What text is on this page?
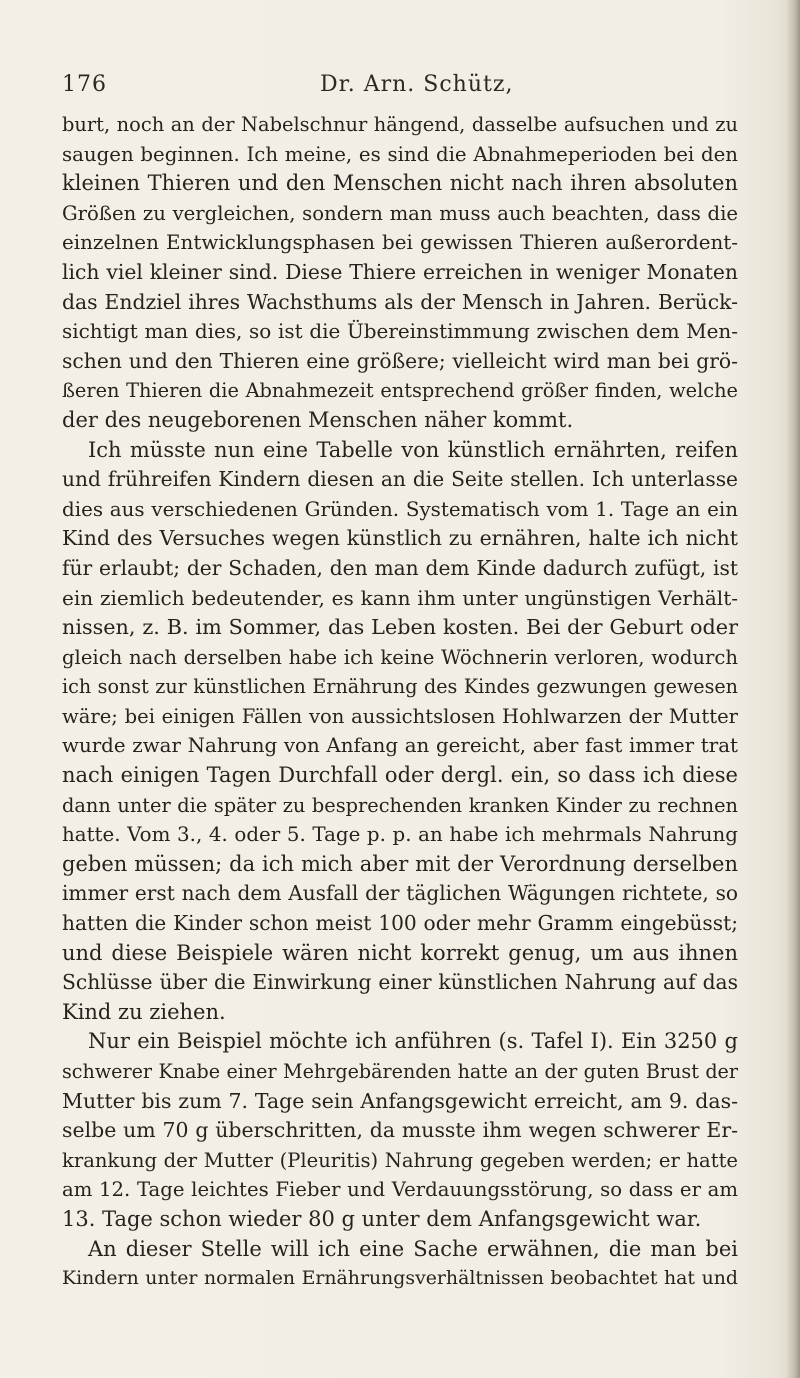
176	Dr. Arn. Schütz,
burt, noch an der Nabelschnur hängend, dasselbe aufsuchen und zu
saugen beginnen. Ich meine, es sind die Abnahmeperioden bei den
kleinen Thieren und den Menschen nicht nach ihren absoluten
Größen zu vergleichen, sondern man muss auch beachten, dass die
einzelnen Entwicklungsphasen bei gewissen Thieren außerordent-
lich viel kleiner sind. Diese Thiere erreichen in weniger Monaten
das Endziel ihres Wachsthums als der Mensch in Jahren. Berück-
sichtigt man dies, so ist die Übereinstimmung zwischen dem Men-
schen und den Thieren eine größere; vielleicht wird man bei grö-
ßeren Thieren die Abnahmezeit entsprechend größer finden, welche
der des neugeborenen Menschen näher kommt.
Ich müsste nun eine Tabelle von künstlich ernährten, reifen
und frühreifen Kindern diesen an die Seite stellen. Ich unterlasse
dies aus verschiedenen Gründen. Systematisch vom 1. Tage an ein
Kind des Versuches wegen künstlich zu ernähren, halte ich nicht
für erlaubt; der Schaden, den man dem Kinde dadurch zufügt, ist
ein ziemlich bedeutender, es kann ihm unter ungünstigen Verhält-
nissen, z. B. im Sommer, das Leben kosten. Bei der Geburt oder
gleich nach derselben habe ich keine Wöchnerin verloren, wodurch
ich sonst zur künstlichen Ernährung des Kindes gezwungen gewesen
wäre; bei einigen Fällen von aussichtslosen Hohlwarzen der Mutter
wurde zwar Nahrung von Anfang an gereicht, aber fast immer trat
nach einigen Tagen Durchfall oder dergl. ein, so dass ich diese
dann unter die später zu besprechenden kranken Kinder zu rechnen
hatte. Vom 3., 4. oder 5. Tage p. p. an habe ich mehrmals Nahrung
geben müssen; da ich mich aber mit der Verordnung derselben
immer erst nach dem Ausfall der täglichen Wägungen richtete, so
hatten die Kinder schon meist 100 oder mehr Gramm eingebüsst;
und diese Beispiele wären nicht korrekt genug, um aus ihnen
Schlüsse über die Einwirkung einer künstlichen Nahrung auf das
Kind zu ziehen.
Nur ein Beispiel möchte ich anführen (s. Tafel I). Ein 3250 g
schwerer Knabe einer Mehrgebärenden hatte an der guten Brust der
Mutter bis zum 7. Tage sein Anfangsgewicht erreicht, am 9. das-
selbe um 70 g überschritten, da musste ihm wegen schwerer Er-
krankung der Mutter (Pleuritis) Nahrung gegeben werden; er hatte
am 12. Tage leichtes Fieber und Verdauungsstörung, so dass er am
13. Tage schon wieder 80 g unter dem Anfangsgewicht war.
An dieser Stelle will ich eine Sache erwähnen, die man bei
Kindern unter normalen Ernährungsverhältnissen beobachtet hat und
